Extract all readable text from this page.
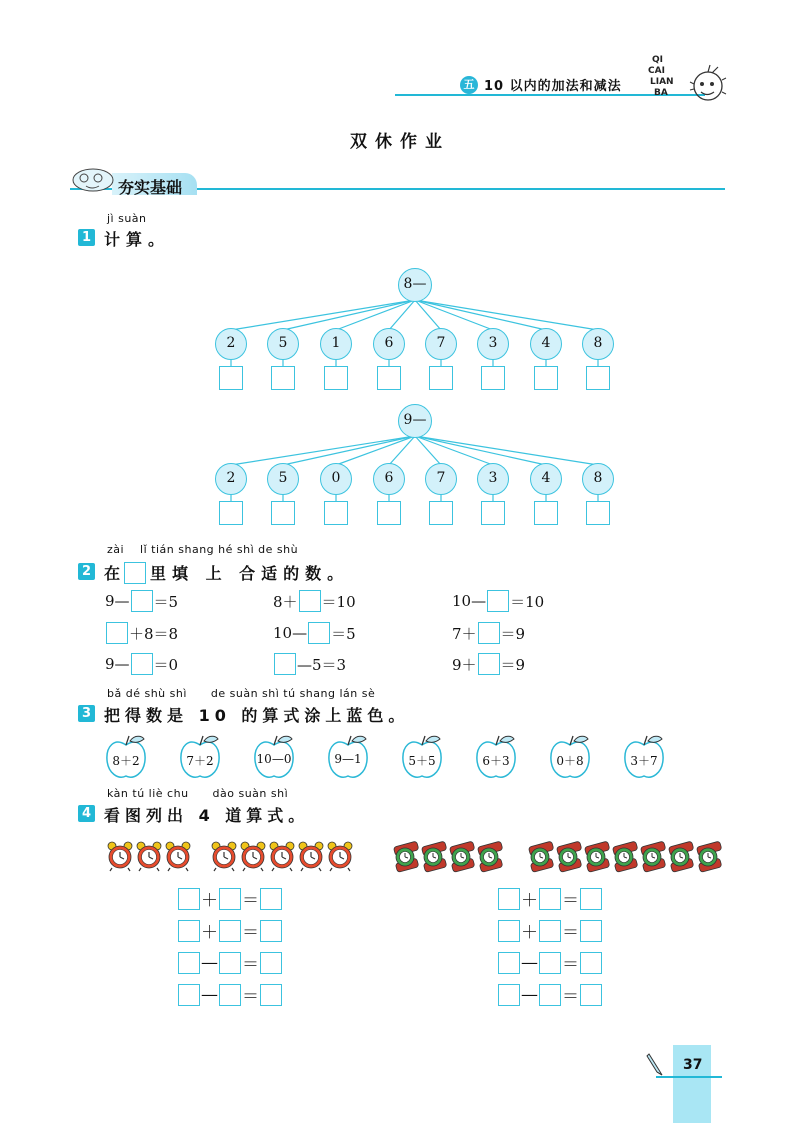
五 10 以内的加法和减法
QI
CAI
LIAN
BA
双休作业
夯实基础
jì suàn
1 计算。
8—
9—
2	5	1	6	7	3	4	8
2	5	0	6	7	3	4	8
zài    lǐ tián shang hé shì de shù
2 在 里填 上 合适的数。
9— ＝5	8＋ ＝10	10— ＝10
＋8＝8	10— ＝5	7＋ ＝9
9— ＝0	—5＝3	9＋ ＝9
bǎ dé shù shì      de suàn shì tú shang lán sè
3 把得数是 10 的算式涂上蓝色。
8＋2	7＋2	10—0	9—1	5＋5	6＋3	0＋8	3＋7
kàn tú liè chu      dào suàn shì
4 看图列出 4 道算式。
＋ ＝
＋ ＝
— ＝
— ＝
＋ ＝
＋ ＝
— ＝
— ＝
37
